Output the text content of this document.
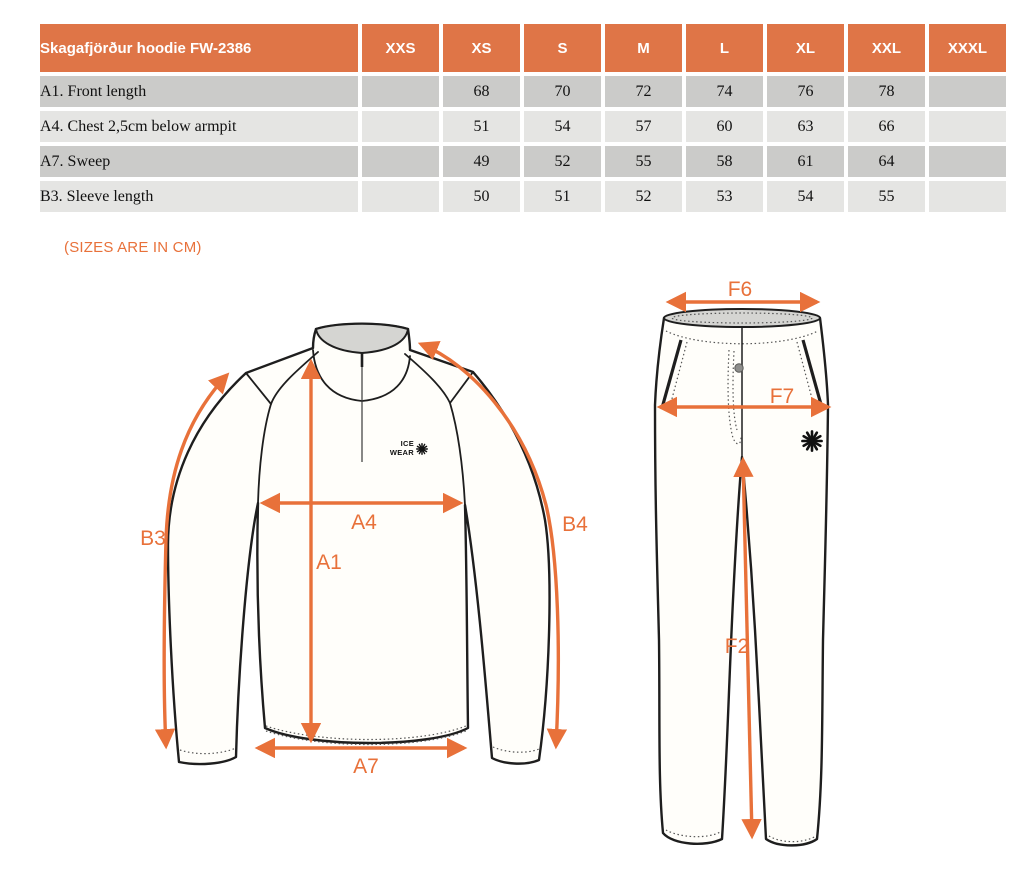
Skagafjörður hoodie FW-2386	XXS	XS	S	M	L	XL	XXL	XXXL
A1. Front length		68	70	72	74	76	78	
A4. Chest 2,5cm below armpit		51	54	57	60	63	66	
A7. Sweep		49	52	55	58	61	64	
B3. Sleeve length		50	51	52	53	54	55	
(SIZES ARE IN CM)
ICE
WEAR
B3
A4
A1
B4
A7
F6
F7
F2
